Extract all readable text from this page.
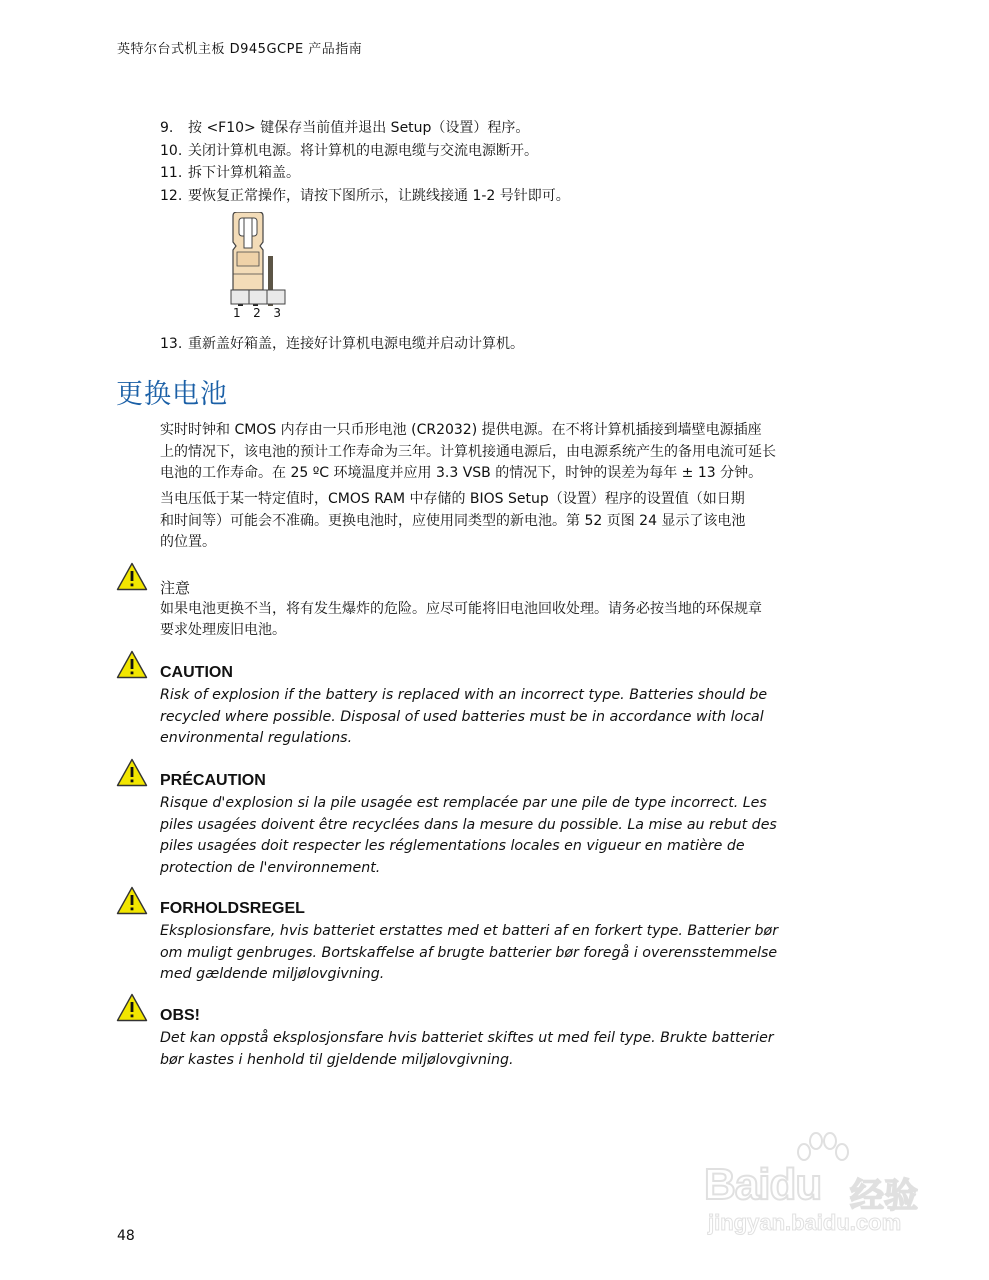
英特尔台式机主板 D945GCPE 产品指南
9. 按 <F10> 键保存当前值并退出 Setup（设置）程序。
10. 关闭计算机电源。将计算机的电源电缆与交流电源断开。
11. 拆下计算机箱盖。
12. 要恢复正常操作，请按下图所示，让跳线接通 1-2 号针即可。
1 2 3
13. 重新盖好箱盖，连接好计算机电源电缆并启动计算机。
更换电池
实时时钟和 CMOS 内存由一只币形电池 (CR2032) 提供电源。在不将计算机插接到墙壁电源插座
上的情况下，该电池的预计工作寿命为三年。计算机接通电源后，由电源系统产生的备用电流可延长
电池的工作寿命。在 25 ºC 环境温度并应用 3.3 VSB 的情况下，时钟的误差为每年 ± 13 分钟。
当电压低于某一特定值时，CMOS RAM 中存储的 BIOS Setup（设置）程序的设置值（如日期
和时间等）可能会不准确。更换电池时，应使用同类型的新电池。第 52 页图 24 显示了该电池
的位置。
注意
如果电池更换不当，将有发生爆炸的危险。应尽可能将旧电池回收处理。请务必按当地的环保规章
要求处理废旧电池。
CAUTION
Risk of explosion if the battery is replaced with an incorrect type. Batteries should be
recycled where possible. Disposal of used batteries must be in accordance with local
environmental regulations.
PRÉCAUTION
Risque d'explosion si la pile usagée est remplacée par une pile de type incorrect. Les
piles usagées doivent être recyclées dans la mesure du possible. La mise au rebut des
piles usagées doit respecter les réglementations locales en vigueur en matière de
protection de l'environnement.
FORHOLDSREGEL
Eksplosionsfare, hvis batteriet erstattes med et batteri af en forkert type. Batterier bør
om muligt genbruges. Bortskaffelse af brugte batterier bør foregå i overensstemmelse
med gældende miljølovgivning.
OBS!
Det kan oppstå eksplosjonsfare hvis batteriet skiftes ut med feil type. Brukte batterier
bør kastes i henhold til gjeldende miljølovgivning.
48
Baidu 经验
jingyan.baidu.com
